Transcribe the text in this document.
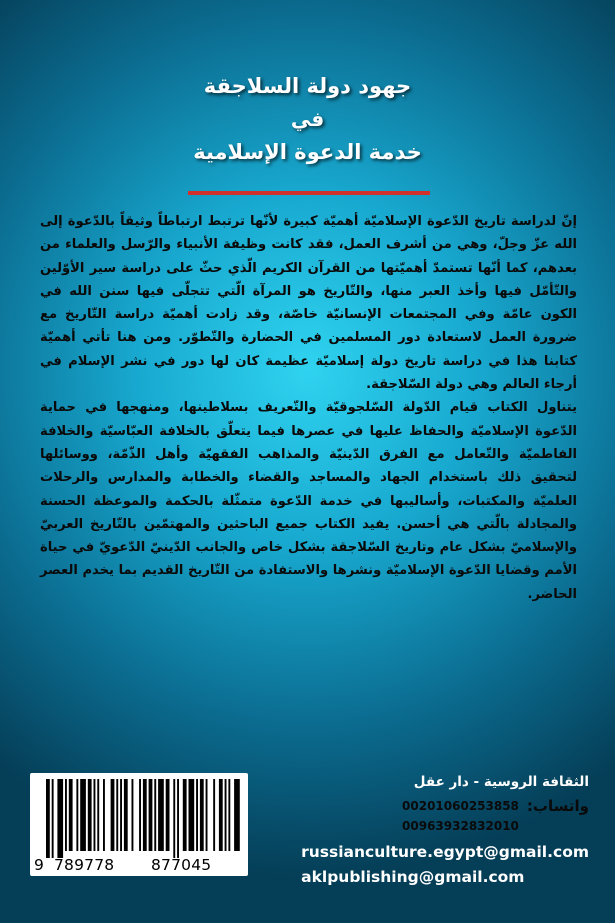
جهود دولة السلاجقة
في
خدمة الدعوة الإسلامية

إنّ لدراسة تاريخ الدّعوة الإسلاميّة أهميّة كبيرة لأنّها ترتبط ارتباطاً وثيقاً بالدّعوة إلى الله عزّ وجلّ، وهي من أشرف العمل، فقد كانت وظيفة الأنبياء والرّسل والعلماء من بعدهم، كما أنّها تستمدّ أهميّتها من القرآن الكريم الّذي حثّ على دراسة سير الأوّلين والتّأمّل فيها وأخذ العبر منها، والتّاريخ هو المرآة الّتي تتجلّى فيها سنن الله في الكون عامّة وفي المجتمعات الإنسانيّة خاصّة، وقد زادت أهميّة دراسة التّاريخ مع ضرورة العمل لاستعادة دور المسلمين في الحضارة والتّطوّر. ومن هنا تأتي أهميّة كتابنا هذا في دراسة تاريخ دولة إسلاميّة عظيمة كان لها دور في نشر الإسلام في أرجاء العالم وهي دولة السّلاجقة.

يتناول الكتاب قيام الدّولة السّلجوقيّة والتّعريف بسلاطينها، ومنهجها في حماية الدّعوة الإسلاميّة والحفاظ عليها في عصرها فيما يتعلّق بالخلافة العبّاسيّة والخلافة الفاطميّة والتّعامل مع الفرق الدّينيّة والمذاهب الفقهيّة وأهل الذّمّة، ووسائلها لتحقيق ذلك باستخدام الجهاد والمساجد والقضاء والخطابة والمدارس والرحلات العلميّة والمكتبات، وأساليبها في خدمة الدّعوة متمثّلة بالحكمة والموعظة الحسنة والمجادلة بالّتي هي أحسن. يفيد الكتاب جميع الباحثين والمهتمّين بالتّاريخ العربيّ والإسلاميّ بشكل عام وتاريخ السّلاجقة بشكل خاص والجانب الدّينيّ الدّعويّ في حياة الأمم وقضايا الدّعوة الإسلاميّة ونشرها والاستفادة من التّاريخ القديم بما يخدم العصر الحاضر.

9 789778 877045
الثقافة الروسية - دار عقل
واتساب:
00201060253858
00963932832010
russianculture.egypt@gmail.com
aklpublishing@gmail.com
